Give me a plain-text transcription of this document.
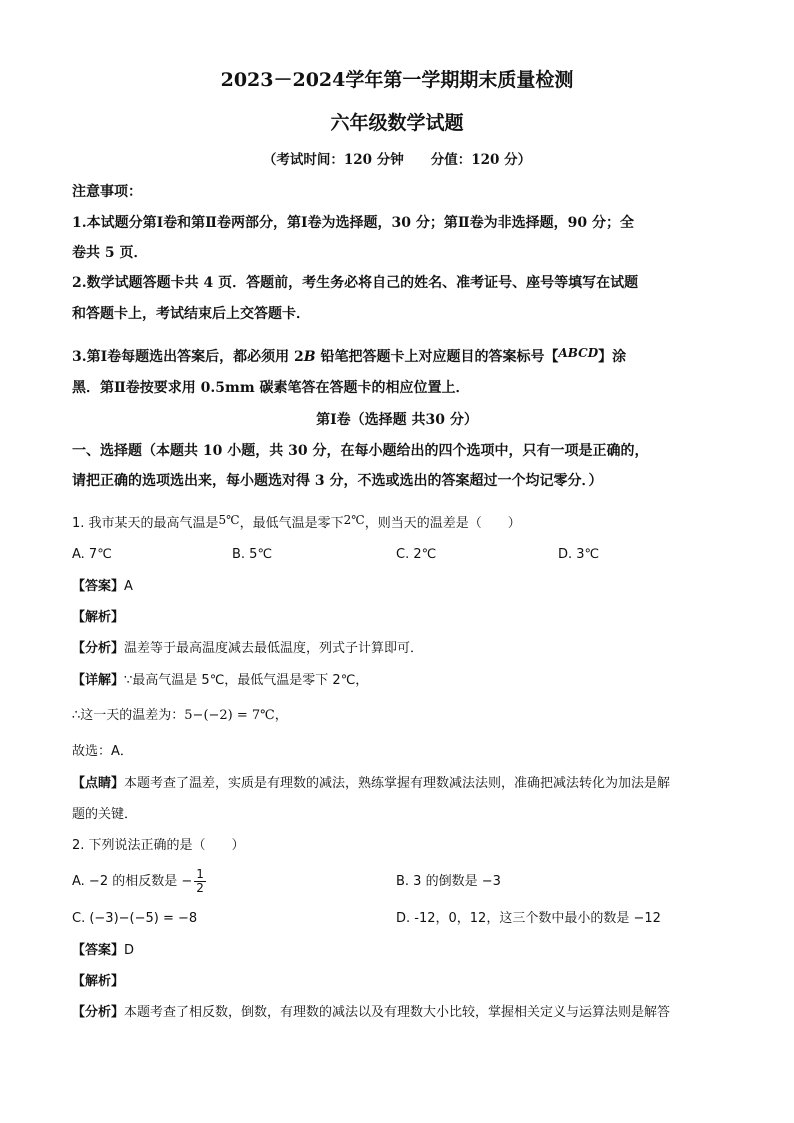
2023－2024学年第一学期期末质量检测
六年级数学试题
（考试时间：120 分钟　　分值：120 分）
注意事项：
1.本试题分第Ⅰ卷和第Ⅱ卷两部分，第Ⅰ卷为选择题，30 分；第Ⅱ卷为非选择题，90 分；全
卷共 5 页．
2.数学试题答题卡共 4 页．答题前，考生务必将自己的姓名、准考证号、座号等填写在试题
和答题卡上，考试结束后上交答题卡．
3.第Ⅰ卷每题选出答案后，都必须用 2B 铅笔把答题卡上对应题目的答案标号【ABCD】涂
黑．第Ⅱ卷按要求用 0.5mm 碳素笔答在答题卡的相应位置上．
第Ⅰ卷（选择题 共30 分）
一、选择题（本题共 10 小题，共 30 分，在每小题给出的四个选项中，只有一项是正确的，
请把正确的选项选出来，每小题选对得 3 分，不选或选出的答案超过一个均记零分．）
1. 我市某天的最高气温是5℃，最低气温是零下2℃，则当天的温差是（　　）
A. 7℃	B. 5℃	C. 2℃	D. 3℃
【答案】A
【解析】
【分析】温差等于最高温度减去最低温度，列式子计算即可．
【详解】∵最高气温是 5℃，最低气温是零下 2℃，
∴这一天的温差为：5−(−2) = 7℃，
故选：A．
【点睛】本题考查了温差，实质是有理数的减法，熟练掌握有理数减法法则，准确把减法转化为加法是解
题的关键．
2. 下列说法正确的是（　　）
A. −2 的相反数是 − $\frac{1}{2}$	B. 3 的倒数是 −3
C. (−3)−(−5) = −8	D. -12，0，12，这三个数中最小的数是 −12
【答案】D
【解析】
【分析】本题考查了相反数，倒数，有理数的减法以及有理数大小比较，掌握相关定义与运算法则是解答
